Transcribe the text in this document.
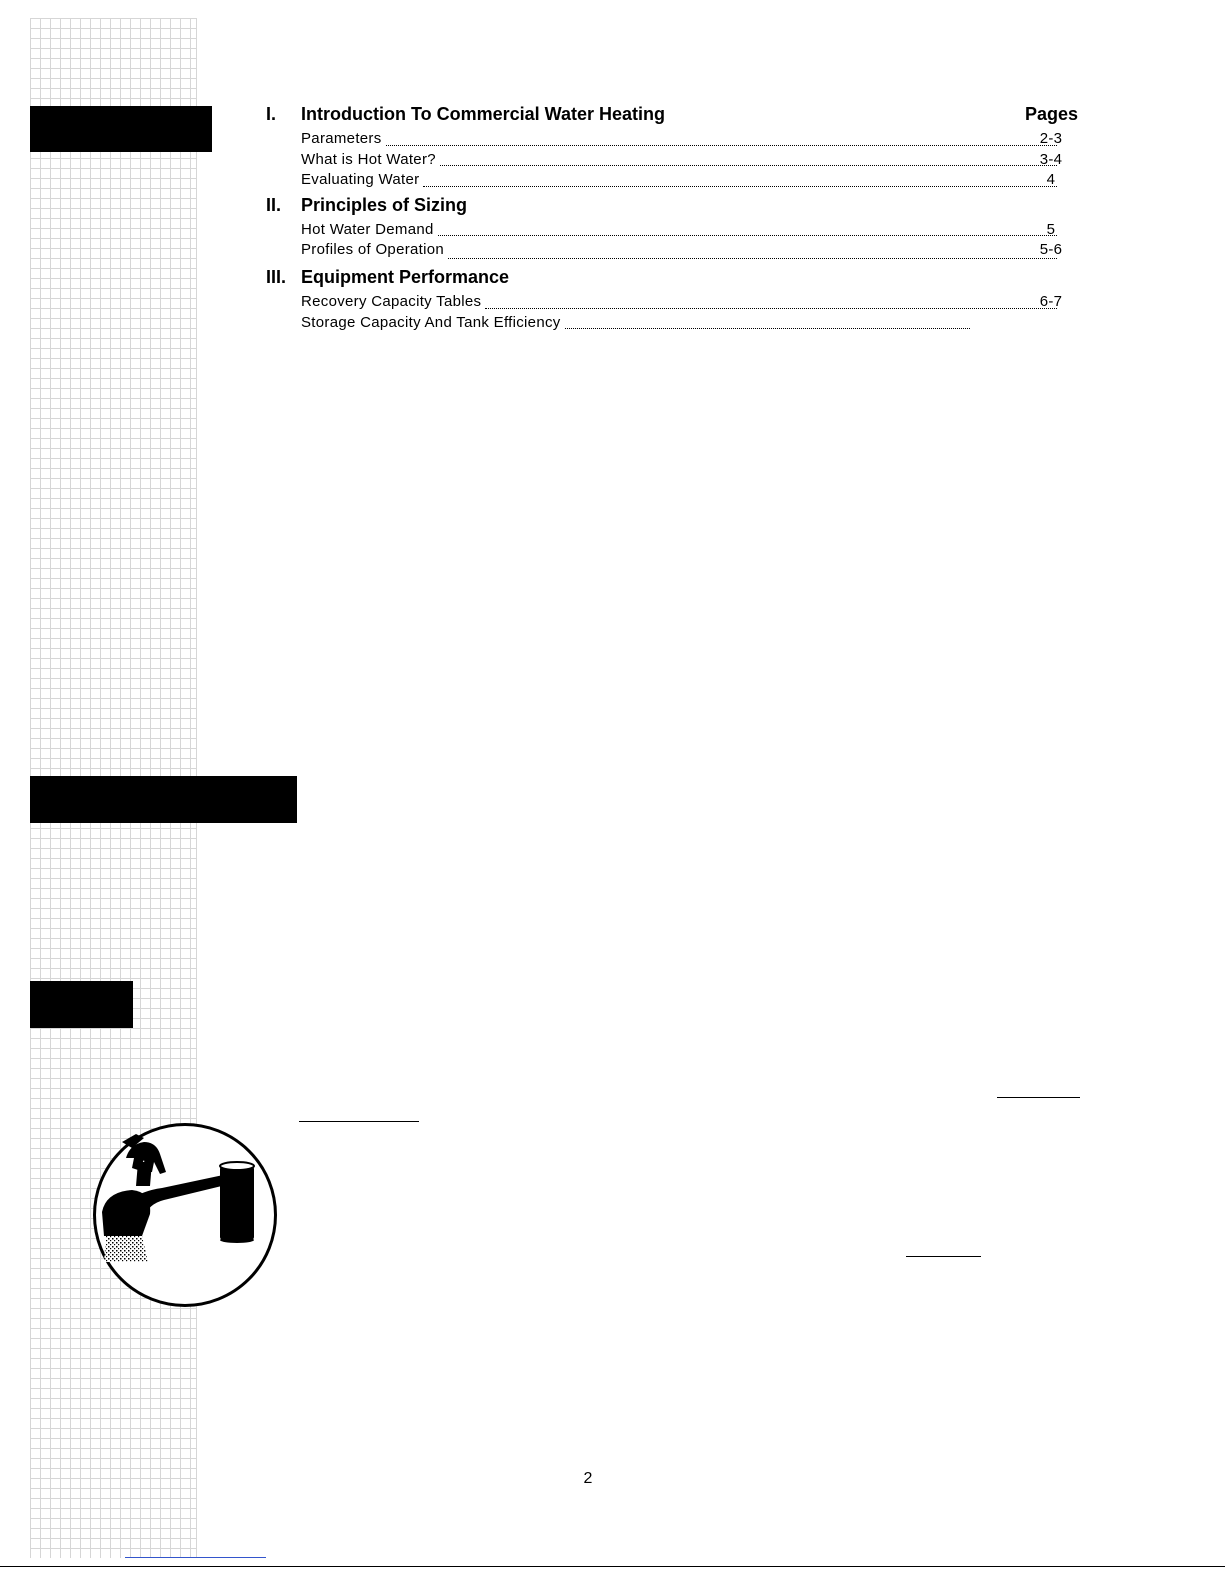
I. Introduction To Commercial Water Heating	Pages
Parameters	2-3
What is Hot Water?	3-4
Evaluating Water	4
II. Principles of Sizing
Hot Water Demand	5
Profiles of Operation	5-6
III. Equipment Performance
Recovery Capacity Tables	6-7
Storage Capacity And Tank Efficiency
2
